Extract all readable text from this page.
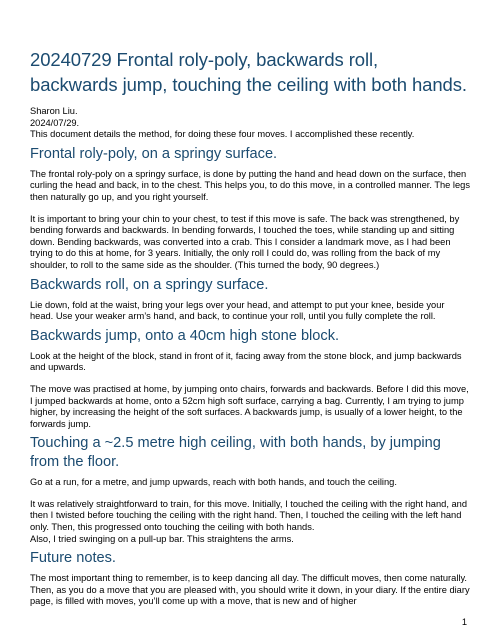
20240729 Frontal roly-poly, backwards roll, backwards jump, touching the ceiling with both hands.

Sharon Liu.

2024/07/29.

This document details the method, for doing these four moves. I accomplished these recently.

Frontal roly-poly, on a springy surface.

The frontal roly-poly on a springy surface, is done by putting the hand and head down on the surface, then curling the head and back, in to the chest. This helps you, to do this move, in a controlled manner. The legs then naturally go up, and you right yourself.

It is important to bring your chin to your chest, to test if this move is safe. The back was strengthened, by bending forwards and backwards. In bending forwards, I touched the toes, while standing up and sitting down. Bending backwards, was converted into a crab. This I consider a landmark move, as I had been trying to do this at home, for 3 years. Initially, the only roll I could do, was rolling from the back of my shoulder, to roll to the same side as the shoulder. (This turned the body, 90 degrees.)

Backwards roll, on a springy surface.

Lie down, fold at the waist, bring your legs over your head, and attempt to put your knee, beside your head. Use your weaker arm’s hand, and back, to continue your roll, until you fully complete the roll.

Backwards jump, onto a 40cm high stone block.

Look at the height of the block, stand in front of it, facing away from the stone block, and jump backwards and upwards.

The move was practised at home, by jumping onto chairs, forwards and backwards. Before I did this move, I jumped backwards at home, onto a 52cm high soft surface, carrying a bag. Currently, I am trying to jump higher, by increasing the height of the soft surfaces. A backwards jump, is usually of a lower height, to the forwards jump.

Touching a ~2.5 metre high ceiling, with both hands, by jumping from the floor.

Go at a run, for a metre, and jump upwards, reach with both hands, and touch the ceiling.

It was relatively straightforward to train, for this move. Initially, I touched the ceiling with the right hand, and then I twisted before touching the ceiling with the right hand. Then, I touched the ceiling with the left hand only. Then, this progressed onto touching the ceiling with both hands.

Also, I tried swinging on a pull-up bar. This straightens the arms.

Future notes.

The most important thing to remember, is to keep dancing all day. The difficult moves, then come naturally. Then, as you do a move that you are pleased with, you should write it down, in your diary. If the entire diary page, is filled with moves, you’ll come up with a move, that is new and of higher

1
